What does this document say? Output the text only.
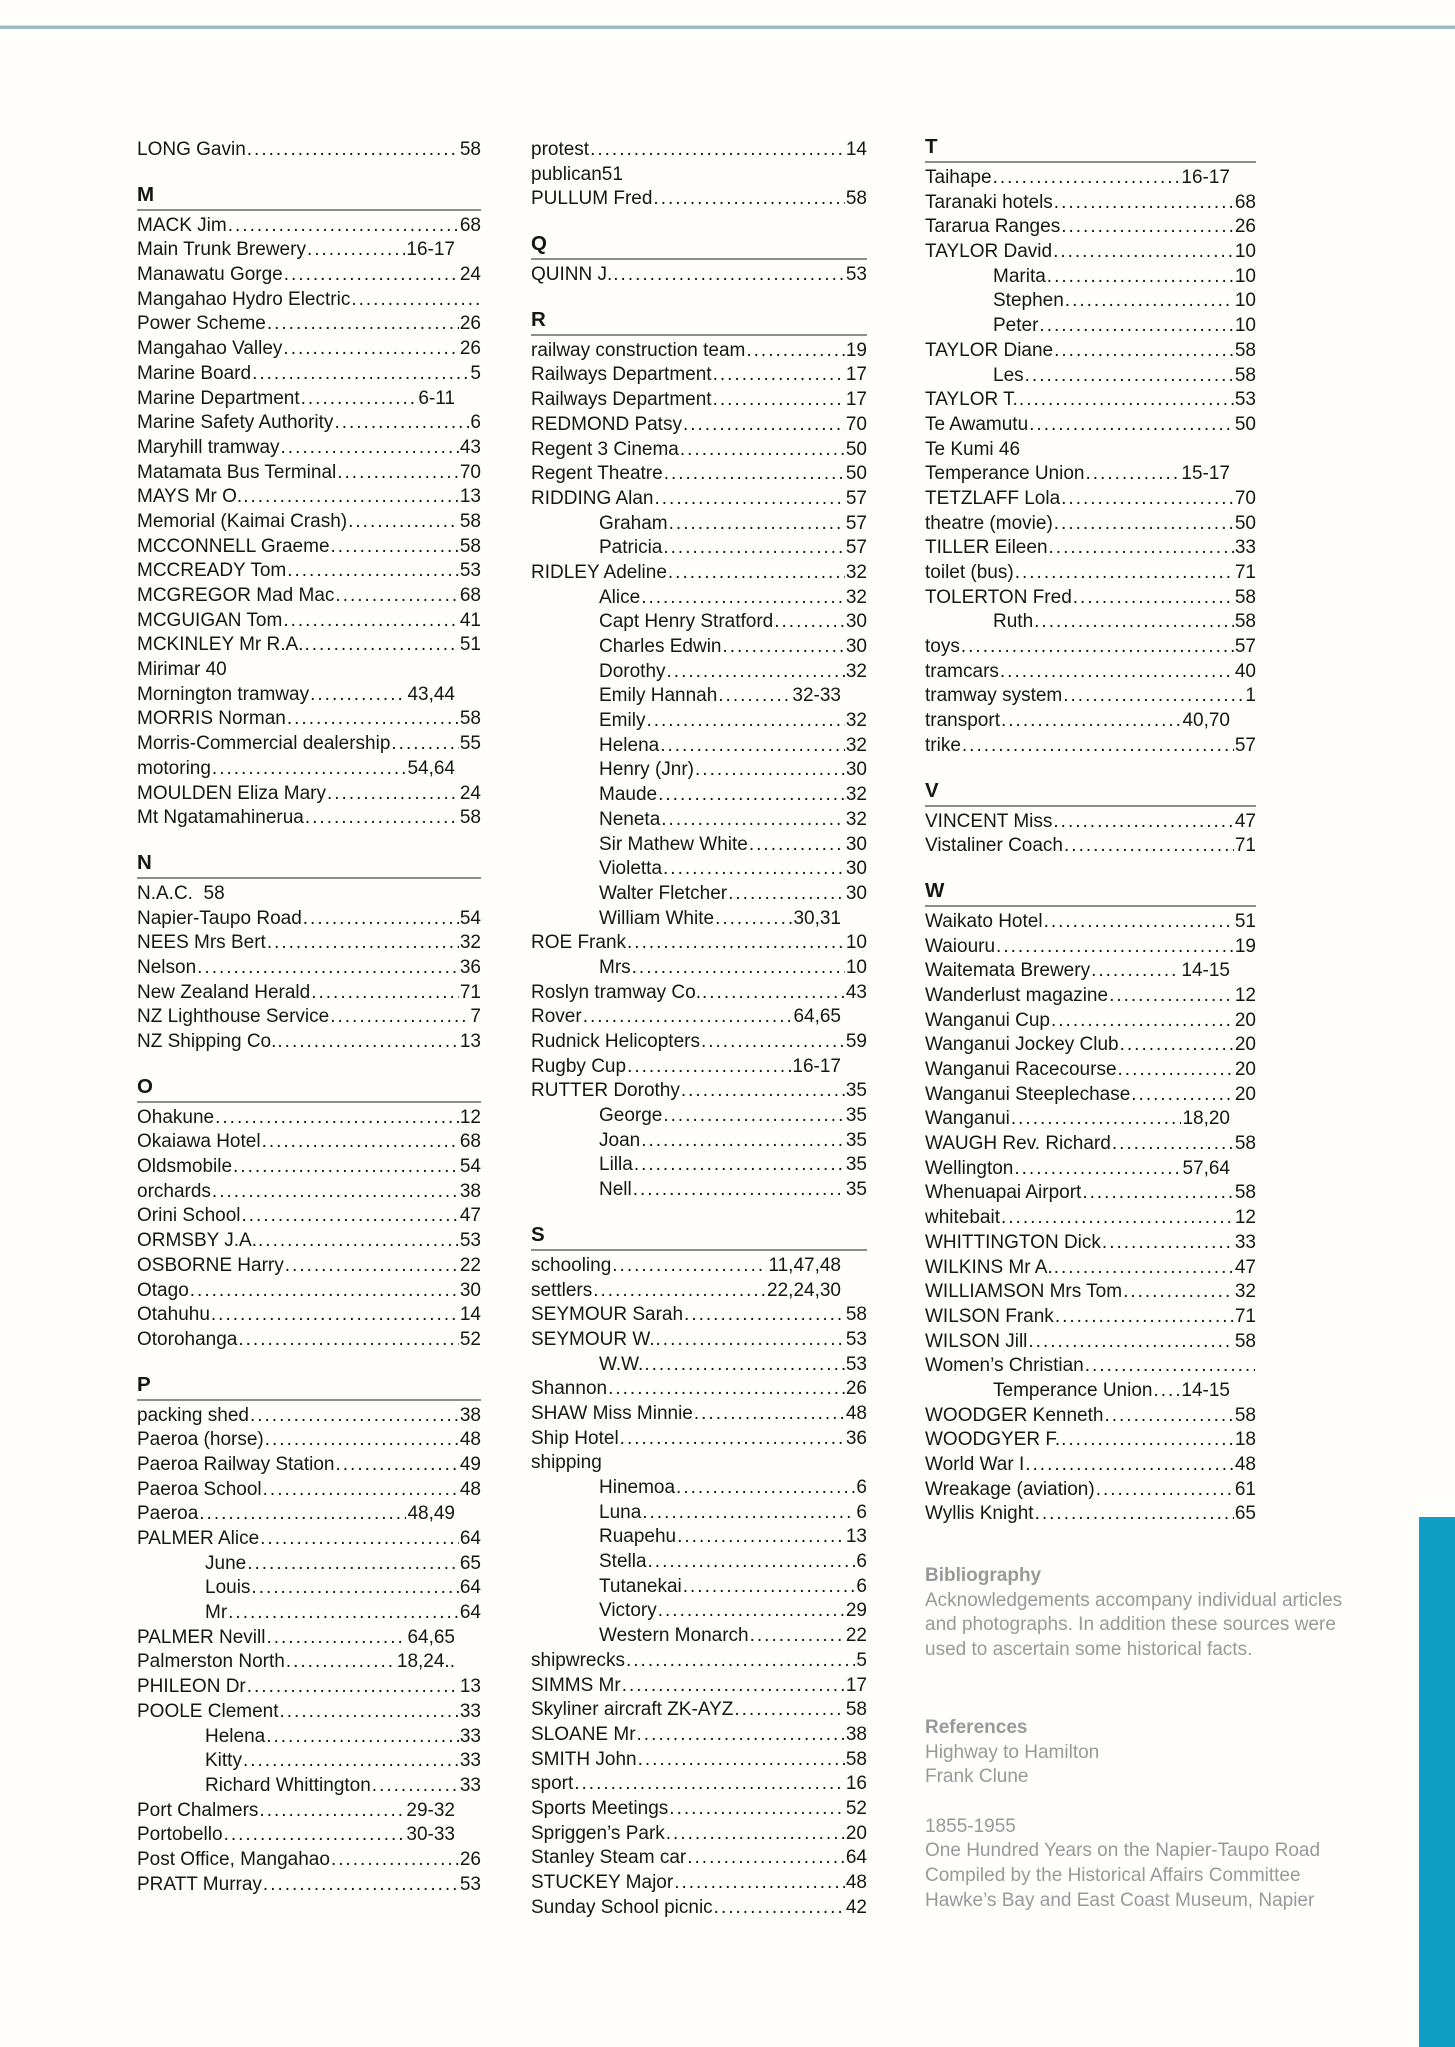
LONG Gavin .....	58
M
MACK Jim .....	68
Main Trunk Brewery .....	16-17
Manawatu Gorge .....	24
Mangahao Hydro Electric
.....
Power Scheme .....	26
Mangahao Valley .....	26
Marine Board .....	5
Marine Department .....	6-11
Marine Safety Authority .....	6
Maryhill tramway .....	43
Matamata Bus Terminal .....	70
MAYS Mr O. .....	13
Memorial (Kaimai Crash) .....	58
MCCONNELL Graeme .....	58
MCCREADY Tom .....	53
MCGREGOR Mad Mac .....	68
MCGUIGAN Tom .....	41
MCKINLEY Mr R.A. .....	51
Mirimar 40
Mornington tramway .....	43,44
MORRIS Norman .....	58
Morris-Commercial dealership .....	55
motoring .....	54,64
MOULDEN Eliza Mary .....	24
Mt Ngatamahinerua .....	58
N
N.A.C.  58
Napier-Taupo Road .....	54
NEES Mrs Bert .....	32
Nelson .....	36
New Zealand Herald .....	71
NZ Lighthouse Service .....	7
NZ Shipping Co. .....	13
O
Ohakune .....	12
Okaiawa Hotel .....	68
Oldsmobile .....	54
orchards .....	38
Orini School .....	47
ORMSBY J.A. .....	53
OSBORNE Harry .....	22
Otago .....	30
Otahuhu .....	14
Otorohanga .....	52
P
packing shed .....	38
Paeroa (horse) .....	48
Paeroa Railway Station .....	49
Paeroa School .....	48
Paeroa .....	48,49
PALMER Alice .....	64
June .....	65
Louis .....	64
Mr .....	64
PALMER Nevill .....	64,65
Palmerston North .....	18,24..
PHILEON Dr .....	13
POOLE Clement .....	33
Helena .....	33
Kitty .....	33
Richard Whittington .....	33
Port Chalmers .....	29-32
Portobello .....	30-33
Post Office, Mangahao .....	26
PRATT Murray .....	53
protest .....	14
publican51
PULLUM Fred .....	58
Q
QUINN J. .....	53
R
railway construction team .....	19
Railways Department .....	17
Railways Department .....	17
REDMOND Patsy .....	70
Regent 3 Cinema .....	50
Regent Theatre .....	50
RIDDING Alan .....	57
Graham .....	57
Patricia .....	57
RIDLEY Adeline .....	32
Alice .....	32
Capt Henry Stratford .....	30
Charles Edwin .....	30
Dorothy .....	32
Emily Hannah .....	32-33
Emily .....	32
Helena .....	32
Henry (Jnr) .....	30
Maude .....	32
Neneta .....	32
Sir Mathew White .....	30
Violetta .....	30
Walter Fletcher .....	30
William White .....	30,31
ROE Frank .....	10
Mrs .....	10
Roslyn tramway Co. .....	43
Rover .....	64,65
Rudnick Helicopters .....	59
Rugby Cup .....	16-17
RUTTER Dorothy .....	35
George .....	35
Joan .....	35
Lilla .....	35
Nell .....	35
S
schooling .....	11,47,48
settlers .....	22,24,30
SEYMOUR Sarah .....	58
SEYMOUR W. .....	53
W.W. .....	53
Shannon .....	26
SHAW Miss Minnie .....	48
Ship Hotel .....	36
shipping
Hinemoa .....	6
Luna .....	6
Ruapehu .....	13
Stella .....	6
Tutanekai .....	6
Victory .....	29
Western Monarch .....	22
shipwrecks .....	5
SIMMS Mr .....	17
Skyliner aircraft ZK-AYZ .....	58
SLOANE Mr .....	38
SMITH John .....	58
sport .....	16
Sports Meetings .....	52
Spriggen’s Park .....	20
Stanley Steam car .....	64
STUCKEY Major .....	48
Sunday School picnic .....	42
T
Taihape .....	16-17
Taranaki hotels .....	68
Tararua Ranges .....	26
TAYLOR David .....	10
Marita .....	10
Stephen .....	10
Peter .....	10
TAYLOR Diane .....	58
Les .....	58
TAYLOR T. .....	53
Te Awamutu .....	50
Te Kumi 46
Temperance Union .....	15-17
TETZLAFF Lola .....	70
theatre (movie) .....	50
TILLER Eileen .....	33
toilet (bus) .....	71
TOLERTON Fred .....	58
Ruth .....	58
toys .....	57
tramcars .....	40
tramway system .....	1
transport .....	40,70
trike .....	57
V
VINCENT Miss .....	47
Vistaliner Coach .....	71
W
Waikato Hotel .....	51
Waiouru .....	19
Waitemata Brewery .....	14-15
Wanderlust magazine .....	12
Wanganui Cup .....	20
Wanganui Jockey Club .....	20
Wanganui Racecourse .....	20
Wanganui Steeplechase .....	20
Wanganui .....	18,20
WAUGH Rev. Richard .....	58
Wellington .....	57,64
Whenuapai Airport .....	58
whitebait .....	12
WHITTINGTON Dick .....	33
WILKINS Mr A. .....	47
WILLIAMSON Mrs Tom .....	32
WILSON Frank .....	71
WILSON Jill .....	58
Women’s Christian
.....
Temperance Union ..... 14-15
WOODGER Kenneth .....	58
WOODGYER F. .....	18
World War I .....	48
Wreakage (aviation) .....	61
Wyllis Knight .....	65
Bibliography
Acknowledgements accompany individual articles
and photographs. In addition these sources were
used to ascertain some historical facts.
References
Highway to Hamilton
Frank Clune
1855-1955
One Hundred Years on the Napier-Taupo Road
Compiled by the Historical Affairs Committee
Hawke’s Bay and East Coast Museum, Napier
